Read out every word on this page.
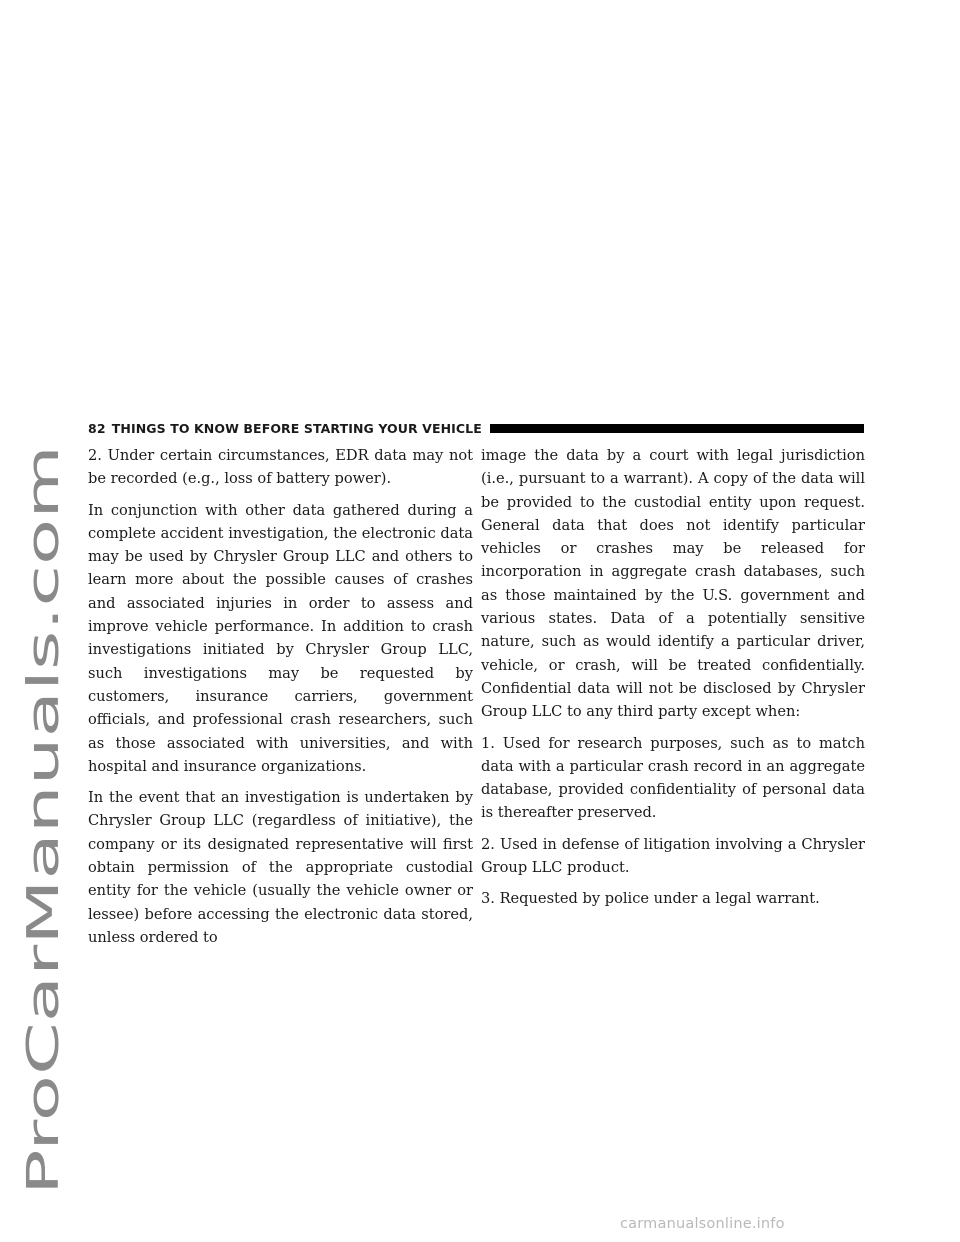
ProCarManuals.com
82 THINGS TO KNOW BEFORE STARTING YOUR VEHICLE

2. Under certain circumstances, EDR data may not be recorded (e.g., loss of battery power).

In conjunction with other data gathered during a complete accident investigation, the electronic data may be used by Chrysler Group LLC and others to learn more about the possible causes of crashes and associated injuries in order to assess and improve vehicle performance. In addition to crash investigations initiated by Chrysler Group LLC, such investigations may be requested by customers, insurance carriers, government officials, and professional crash researchers, such as those associated with universities, and with hospital and insurance organizations.

In the event that an investigation is undertaken by Chrysler Group LLC (regardless of initiative), the company or its designated representative will first obtain permission of the appropriate custodial entity for the vehicle (usually the vehicle owner or lessee) before accessing the electronic data stored, unless ordered to

image the data by a court with legal jurisdiction (i.e., pursuant to a warrant). A copy of the data will be provided to the custodial entity upon request. General data that does not identify particular vehicles or crashes may be released for incorporation in aggregate crash databases, such as those maintained by the U.S. government and various states. Data of a potentially sensitive nature, such as would identify a particular driver, vehicle, or crash, will be treated confidentially. Confidential data will not be disclosed by Chrysler Group LLC to any third party except when:

1. Used for research purposes, such as to match data with a particular crash record in an aggregate database, provided confidentiality of personal data is thereafter preserved.

2. Used in defense of litigation involving a Chrysler Group LLC product.

3. Requested by police under a legal warrant.

carmanualsonline.info
